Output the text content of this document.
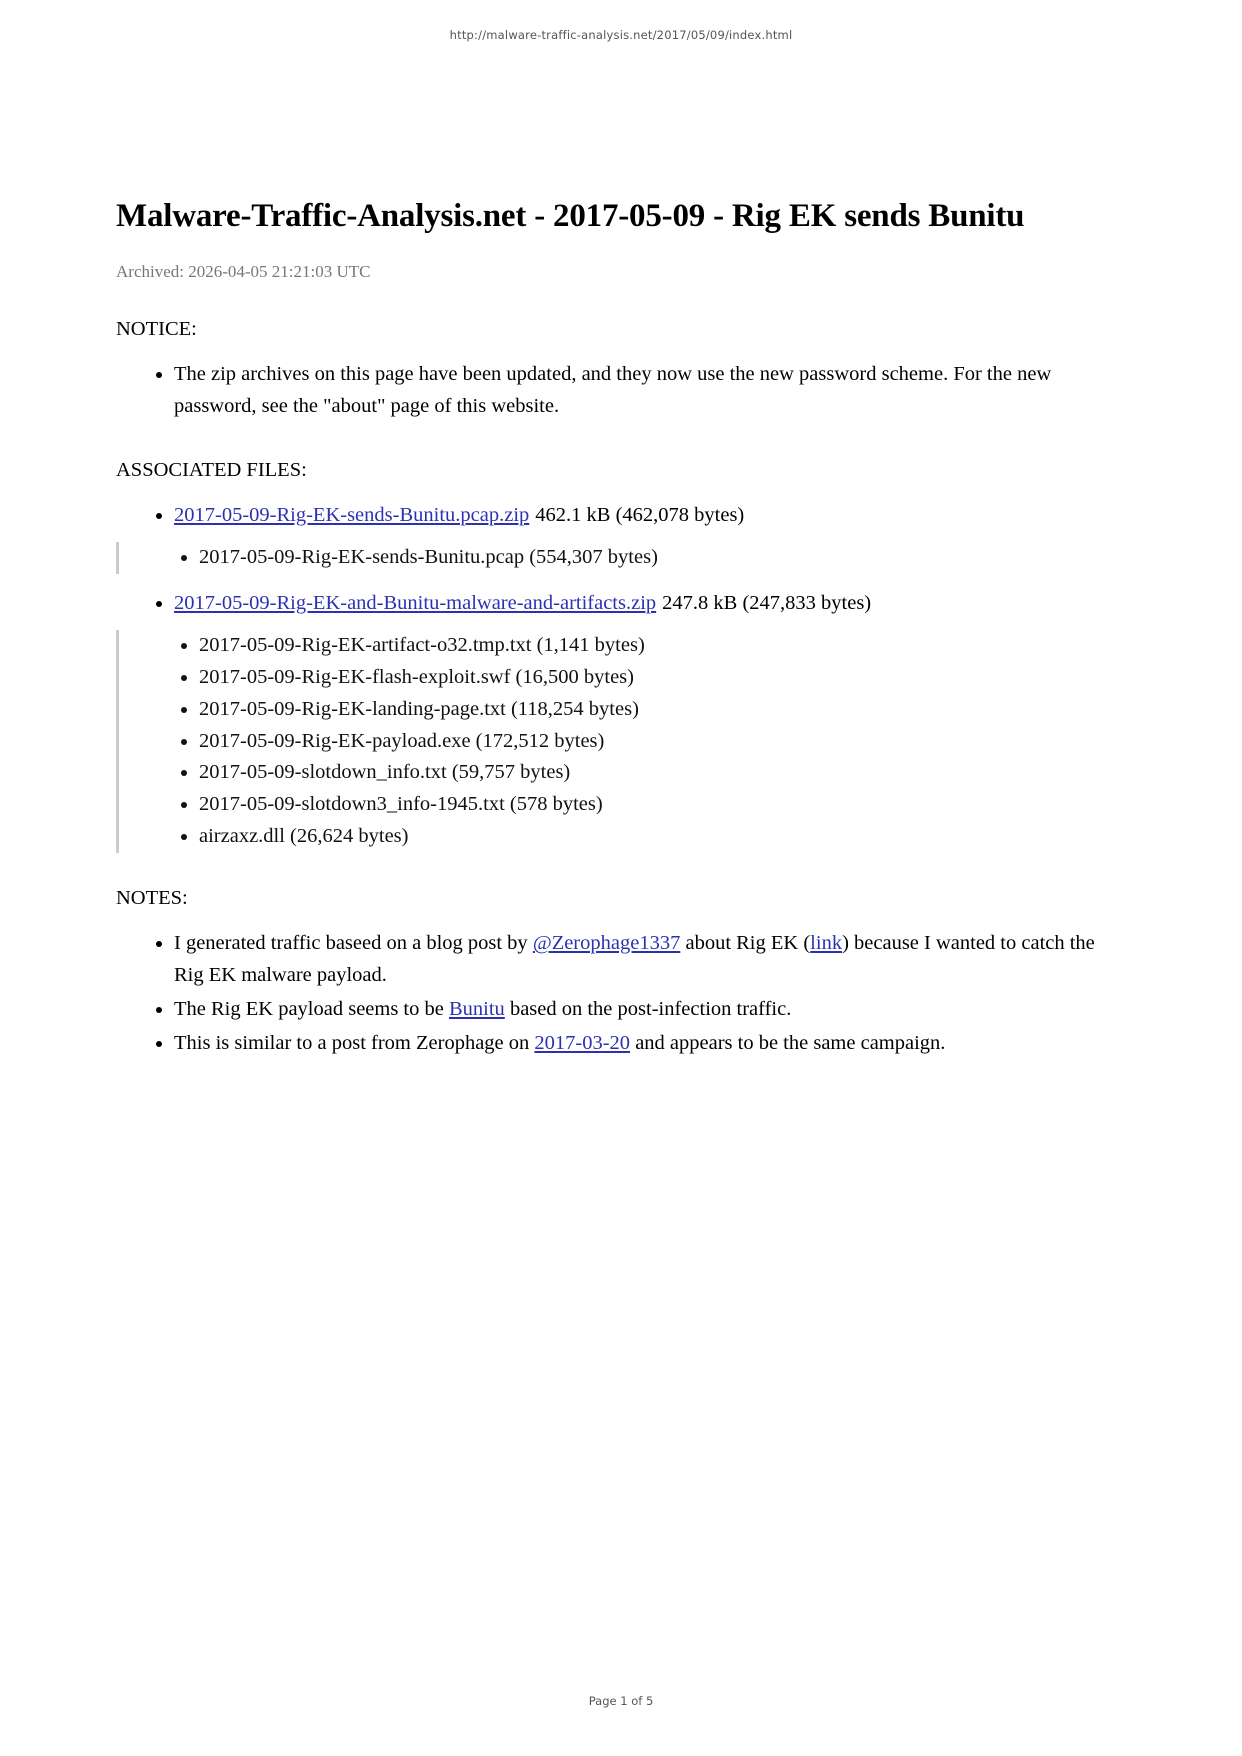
http://malware-traffic-analysis.net/2017/05/09/index.html
Malware-Traffic-Analysis.net - 2017-05-09 - Rig EK sends Bunitu
Archived: 2026-04-05 21:21:03 UTC
NOTICE:
• The zip archives on this page have been updated, and they now use the new password scheme. For the new password, see the "about" page of this website.
ASSOCIATED FILES:
• 2017-05-09-Rig-EK-sends-Bunitu.pcap.zip 462.1 kB (462,078 bytes)
• 2017-05-09-Rig-EK-sends-Bunitu.pcap (554,307 bytes)
• 2017-05-09-Rig-EK-and-Bunitu-malware-and-artifacts.zip 247.8 kB (247,833 bytes)
• 2017-05-09-Rig-EK-artifact-o32.tmp.txt (1,141 bytes)
• 2017-05-09-Rig-EK-flash-exploit.swf (16,500 bytes)
• 2017-05-09-Rig-EK-landing-page.txt (118,254 bytes)
• 2017-05-09-Rig-EK-payload.exe (172,512 bytes)
• 2017-05-09-slotdown_info.txt (59,757 bytes)
• 2017-05-09-slotdown3_info-1945.txt (578 bytes)
• airzaxz.dll (26,624 bytes)
NOTES:
• I generated traffic baseed on a blog post by @Zerophage1337 about Rig EK (link) because I wanted to catch the Rig EK malware payload.
• The Rig EK payload seems to be Bunitu based on the post-infection traffic.
• This is similar to a post from Zerophage on 2017-03-20 and appears to be the same campaign.
Page 1 of 5
